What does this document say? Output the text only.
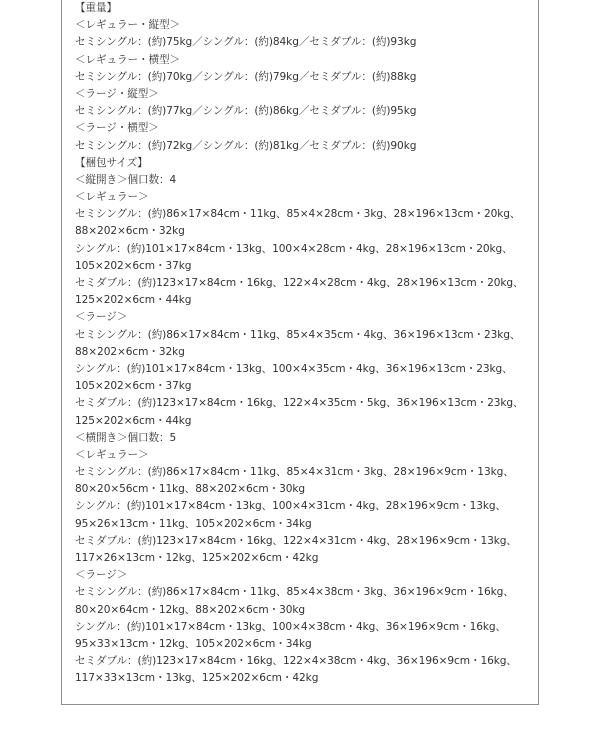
【重量】
＜レギュラー・縦型＞
セミシングル：(約)75kg／シングル：(約)84kg／セミダブル：(約)93kg
＜レギュラー・横型＞
セミシングル：(約)70kg／シングル：(約)79kg／セミダブル：(約)88kg
＜ラージ・縦型＞
セミシングル：(約)77kg／シングル：(約)86kg／セミダブル：(約)95kg
＜ラージ・横型＞
セミシングル：(約)72kg／シングル：(約)81kg／セミダブル：(約)90kg
【梱包サイズ】
＜縦開き＞個口数：4
＜レギュラー＞
セミシングル：(約)86×17×84cm・11kg、85×4×28cm・3kg、28×196×13cm・20kg、
88×202×6cm・32kg
シングル：(約)101×17×84cm・13kg、100×4×28cm・4kg、28×196×13cm・20kg、
105×202×6cm・37kg
セミダブル：(約)123×17×84cm・16kg、122×4×28cm・4kg、28×196×13cm・20kg、
125×202×6cm・44kg
＜ラージ＞
セミシングル：(約)86×17×84cm・11kg、85×4×35cm・4kg、36×196×13cm・23kg、
88×202×6cm・32kg
シングル：(約)101×17×84cm・13kg、100×4×35cm・4kg、36×196×13cm・23kg、
105×202×6cm・37kg
セミダブル：(約)123×17×84cm・16kg、122×4×35cm・5kg、36×196×13cm・23kg、
125×202×6cm・44kg
＜横開き＞個口数：5
＜レギュラー＞
セミシングル：(約)86×17×84cm・11kg、85×4×31cm・3kg、28×196×9cm・13kg、
80×20×56cm・11kg、88×202×6cm・30kg
シングル：(約)101×17×84cm・13kg、100×4×31cm・4kg、28×196×9cm・13kg、
95×26×13cm・11kg、105×202×6cm・34kg
セミダブル：(約)123×17×84cm・16kg、122×4×31cm・4kg、28×196×9cm・13kg、
117×26×13cm・12kg、125×202×6cm・42kg
＜ラージ＞
セミシングル：(約)86×17×84cm・11kg、85×4×38cm・3kg、36×196×9cm・16kg、
80×20×64cm・12kg、88×202×6cm・30kg
シングル：(約)101×17×84cm・13kg、100×4×38cm・4kg、36×196×9cm・16kg、
95×33×13cm・12kg、105×202×6cm・34kg
セミダブル：(約)123×17×84cm・16kg、122×4×38cm・4kg、36×196×9cm・16kg、
117×33×13cm・13kg、125×202×6cm・42kg
